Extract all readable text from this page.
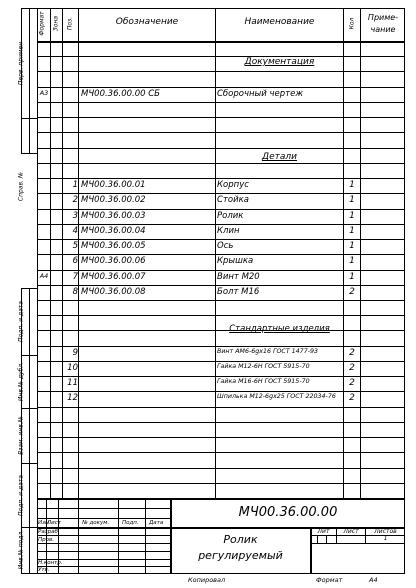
Формат Зона Поз.	Обозначение	Наименование	Кол
Приме-
чание
Документация
Детали
Стандартные изделия
А3	МЧ00.36.00.00 СБ	Сборочный чертеж
1 МЧ00.36.00.01	Корпус	1
2 МЧ00.36.00.02	Стойка	1
3 МЧ00.36.00.03	Ролик	1
4 МЧ00.36.00.04	Клин	1
5 МЧ00.36.00.05	Ось	1
6 МЧ00.36.00.06	Крышка	1
А4	7 МЧ00.36.00.07	Винт М20	1
8 МЧ00.36.00.08	Болт М16	2
9	Винт АМ6-6gх16 ГОСТ 1477-93	2
10	Гайка М12-6Н ГОСТ 5915-70	2
11	Гайка М16-6Н ГОСТ 5915-70	2
12	Шпилька М12-6gх25 ГОСТ 22034-76	2
Перв. примен
Справ. №
Подп. и дата
Инв.№ дубл.
Взам. инв.№
Подп. и дата
Инв.№ подл.
МЧ00.36.00.00
Ролик
регулируемый
Изм
Лист	№ докум. Подп. Дата
Разраб.
Пров.
Н.контр.
Утв.
Лит	Лист	Листов
1
Копировал	Формат	А4
